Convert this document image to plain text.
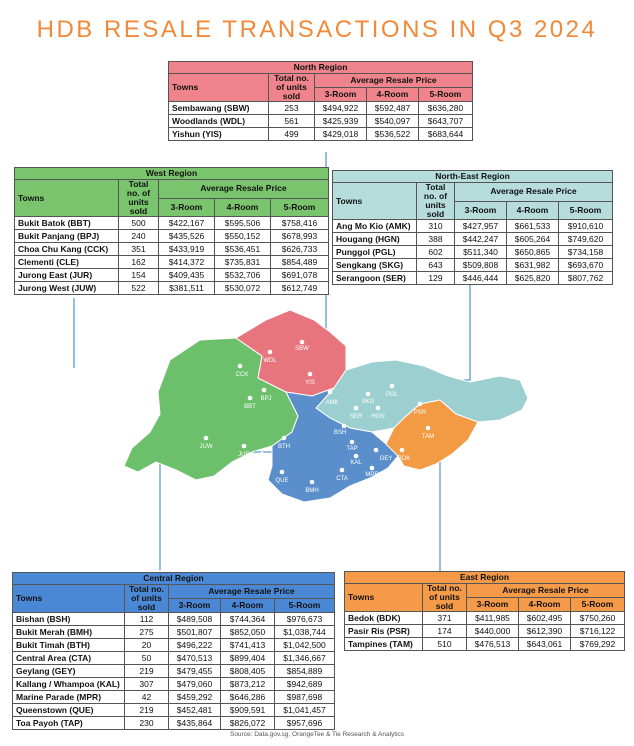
HDB RESALE TRANSACTIONS IN Q3 2024
WDL
SBW
YIS
CCK
BPJ
BBT
JUW
JUR
CLE
BTH
AMK	SKG
PGL
SER HGN
BSH
TAP
KAL
GEY
MPR
QUE
BMH
CTA
PSR
TAM
BDK
North Region				
Towns	Total no. of units sold	Average Resale Price		
		3-Room	4-Room	5-Room
Sembawang (SBW)	253	$494,922	$592,487	$636,280
Woodlands (WDL)	561	$425,939	$540,097	$643,707
Yishun (YIS)	499	$429,018	$536,522	$683,644
West Region				
Towns	Total no. of units sold	Average Resale Price		
		3-Room	4-Room	5-Room
Bukit Batok (BBT)	500	$422,167	$595,506	$758,416
Bukit Panjang (BPJ)	240	$435,526	$550,152	$678,993
Choa Chu Kang (CCK)	351	$433,919	$536,451	$626,733
Clementi (CLE)	162	$414,372	$735,831	$854,489
Jurong East (JUR)	154	$409,435	$532,706	$691,078
Jurong West (JUW)	522	$381,511	$530,072	$612,749
North-East Region				
Towns	Total no. of units sold	Average Resale Price		
		3-Room	4-Room	5-Room
Ang Mo Kio (AMK)	310	$427,957	$661,533	$910,610
Hougang (HGN)	388	$442,247	$605,264	$749,620
Punggol (PGL)	602	$511,340	$650,865	$734,158
Sengkang (SKG)	643	$509,808	$631,982	$693,670
Serangoon (SER)	129	$446,444	$625,820	$807,762
Central Region				
Towns	Total no. of units sold	Average Resale Price		
		3-Room	4-Room	5-Room
Bishan (BSH)	112	$489,508	$744,364	$976,673
Bukit Merah (BMH)	275	$501,807	$852,050	$1,038,744
Bukit Timah (BTH)	20	$496,222	$741,413	$1,042,500
Central Area (CTA)	50	$470,513	$899,404	$1,346,667
Geylang (GEY)	219	$479,455	$808,405	$854,889
Kallang / Whampoa (KAL)	307	$479,060	$873,212	$942,689
Marine Parade (MPR)	42	$459,292	$646,286	$987,698
Queenstown (QUE)	219	$452,481	$909,591	$1,041,457
Toa Payoh (TAP)	230	$435,864	$826,072	$957,696
East Region				
Towns	Total no. of units sold	Average Resale Price		
		3-Room	4-Room	5-Room
Bedok (BDK)	371	$411,985	$602,495	$750,260
Pasir Ris (PSR)	174	$440,000	$612,390	$716,122
Tampines (TAM)	510	$476,513	$643,061	$769,292
Source: Data.gov.sg, OrangeTee & Tie Research & Analytics
